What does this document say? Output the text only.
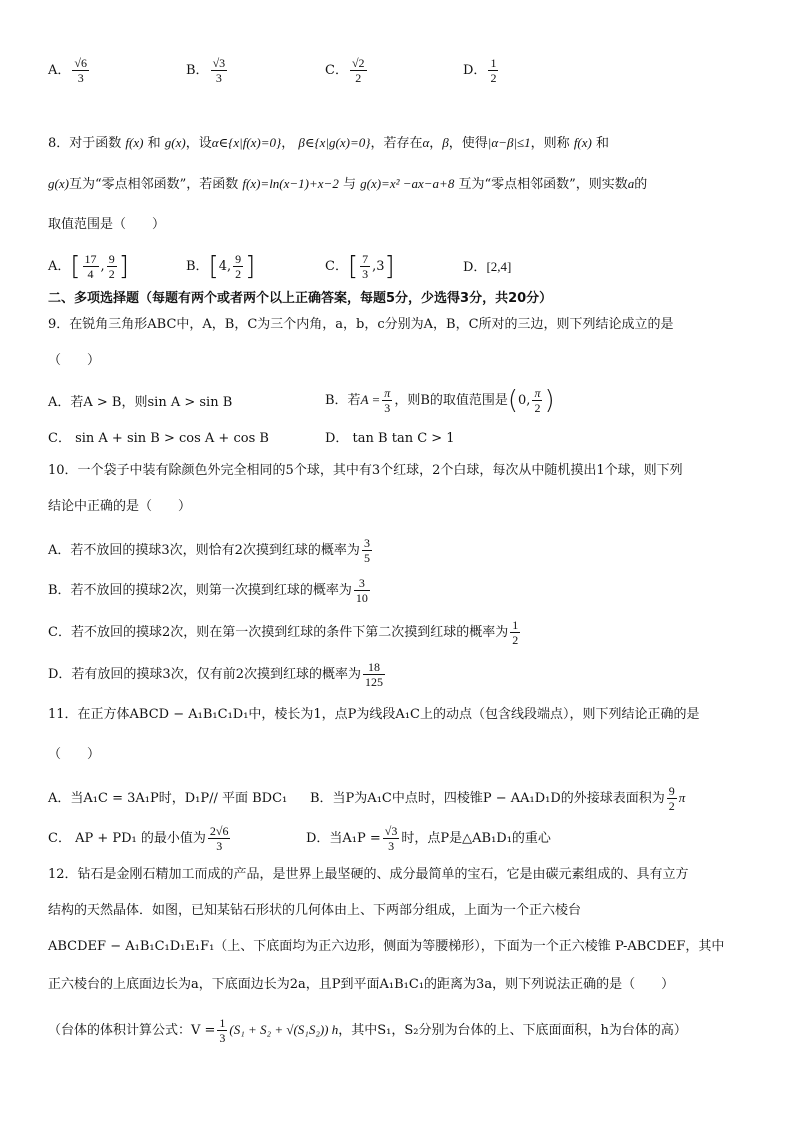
A． $\frac{√6}{3}$	B． $\frac{√3}{3}$	C． $\frac{√2}{2}$	D． $\frac{1}{2}$
8．对于函数 f(x) 和 g(x)，设α∈{x|f(x)=0}， β∈{x|g(x)=0}，若存在α，β，使得|α−β|≤1，则称 f(x) 和
g(x)互为“零点相邻函数”，若函数 f(x)=ln(x−1)+x−2 与 g(x)=x² −ax−a+8 互为“零点相邻函数”，则实数a的
取值范围是（　　）
A．[ $\frac{17}{4}$ , $\frac{9}{2}$ ]	B．[4, $\frac{9}{2}$ ]	C．[ $\frac{7}{3} ,3$]	D．[2,4]
二、多项选择题（每题有两个或者两个以上正确答案，每题5分，少选得3分，共20分）
9．在锐角三角形ABC中，A，B，C为三个内角，a，b，c分别为A，B，C所对的三边，则下列结论成立的是
（　　）
A．若A > B，则sin A > sin B	B．若$A = \frac{\pi}{3}$ ，则B的取值范围是(0, $\frac{\pi}{2}$ )
C． sin A + sin B > cos A + cos B	D． tan B tan C > 1
10．一个袋子中装有除颜色外完全相同的5个球，其中有3个红球，2个白球，每次从中随机摸出1个球，则下列
结论中正确的是（　　）
A．若不放回的摸球3次，则恰有2次摸到红球的概率为 $\frac{3}{5}$
B．若不放回的摸球2次，则第一次摸到红球的概率为 $\frac{3}{10}$
C．若不放回的摸球2次，则在第一次摸到红球的条件下第二次摸到红球的概率为 $\frac{1}{2}$
D．若有放回的摸球3次，仅有前2次摸到红球的概率为 $\frac{18}{125}$
11．在正方体ABCD − A₁B₁C₁D₁中，棱长为1，点P为线段A₁C上的动点（包含线段端点），则下列结论正确的是
（　　）
A．当A₁C = 3A₁P时，D₁P// 平面 BDC₁ B．当P为A₁C中点时，四棱锥P − AA₁D₁D的外接球表面积为 $\frac{9}{2}$ π
C． AP + PD₁ 的最小值为 $\frac{2√6}{3}$	D．当$A_1P = \frac{√3}{3}$ 时，点P是△AB₁D₁的重心
12．钻石是金刚石精加工而成的产品，是世界上最坚硬的、成分最简单的宝石，它是由碳元素组成的、具有立方
结构的天然晶体．如图，已知某钻石形状的几何体由上、下两部分组成，上面为一个正六棱台
ABCDEF − A₁B₁C₁D₁E₁F₁（上、下底面均为正六边形，侧面为等腰梯形），下面为一个正六棱锥 P-ABCDEF，其中
正六棱台的上底面边长为a，下底面边长为2a，且P到平面A₁B₁C₁的距离为3a，则下列说法正确的是（　　）
（台体的体积计算公式：$V = \frac{1}{3} (S_1 + S_2 + √(S_1S_2))$ h，其中S₁，S₂分别为台体的上、下底面面积，h为台体的高）
